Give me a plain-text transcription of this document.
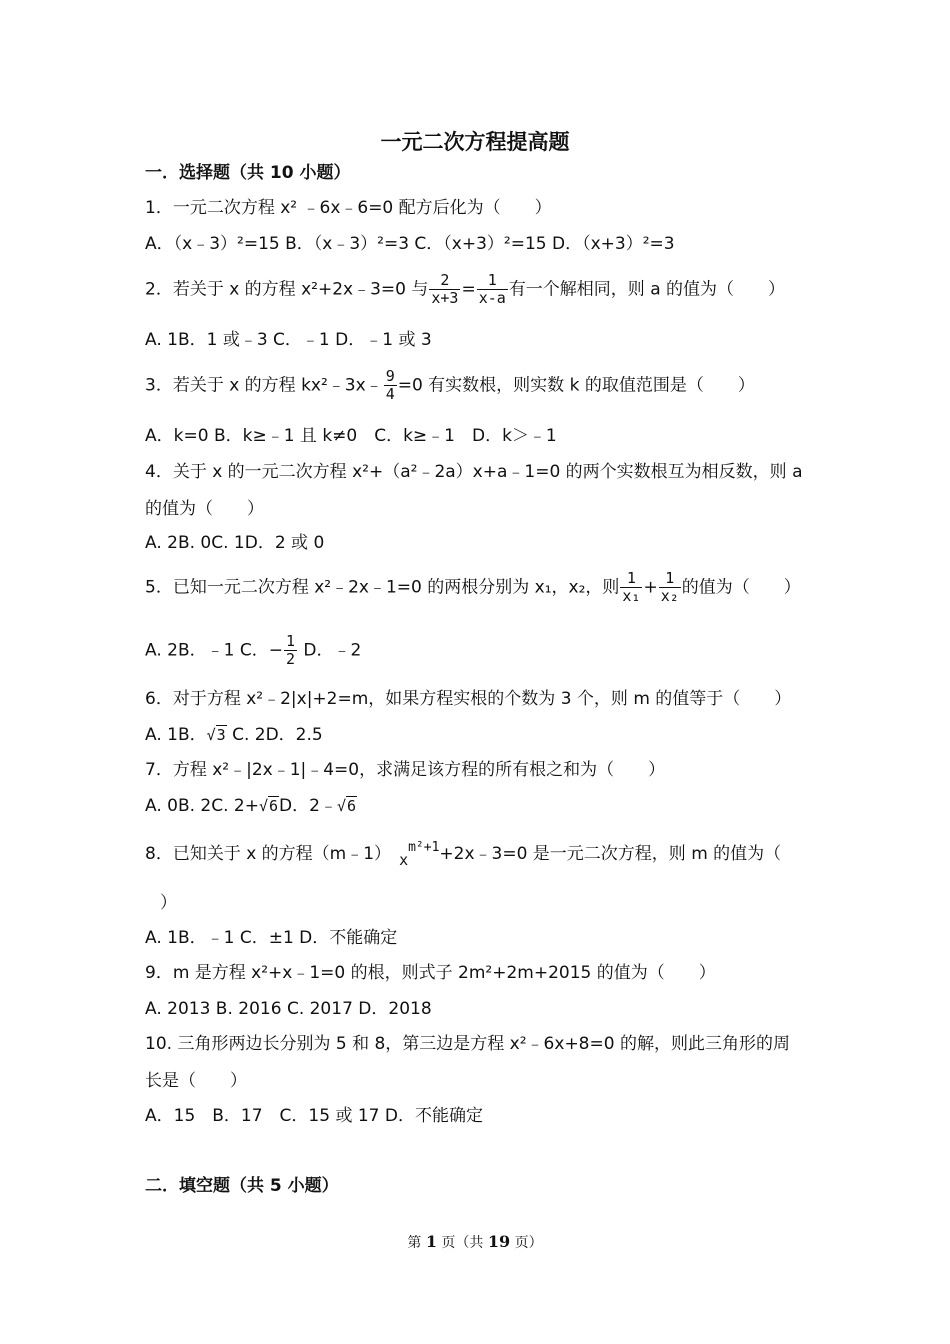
一元二次方程提高题
一．选择题（共 10 小题）
1．一元二次方程 x² ﹣6x﹣6=0 配方后化为（　　）
A．（x﹣3）²=15 B．（x﹣3）²=3 C．（x+3）²=15 D．（x+3）²=3
2．若关于 x 的方程 x²+2x﹣3=0 与 $\frac{2}{x+3} = \frac{1}{x-a}$ 有一个解相同，则 a 的值为（　　）
A. 1B．1 或﹣3 C．﹣1 D．﹣1 或 3
3．若关于 x 的方程 kx²﹣3x﹣ $\frac{9}{4} =0$ 有实数根，则实数 k 的取值范围是（　　）
A．k=0 B．k≥﹣1 且 k≠0　C．k≥﹣1　D．k＞﹣1
4．关于 x 的一元二次方程 x²+（a²﹣2a）x+a﹣1=0 的两个实数根互为相反数，则 a
的值为（　　）
A. 2B. 0C. 1D．2 或 0
5．已知一元二次方程 x²﹣2x﹣1=0 的两根分别为 x₁，x₂，则 $\frac{1}{\text{x₁}} + \frac{1}{\text{x₂}}$ 的值为（　　）
A. 2B．﹣1 C．− $\frac{1}{2}$ D．﹣2
6．对于方程 x²﹣2|x|+2=m，如果方程实根的个数为 3 个，则 m 的值等于（　　）
A. 1B．√3 C. 2D．2.5
7．方程 x²﹣|2x﹣1|﹣4=0，求满足该方程的所有根之和为（　　）
A. 0B. 2C. 2+√6D．2﹣√6
8．已知关于 x 的方程（m﹣1） xm²+1+2x﹣3=0 是一元二次方程，则 m 的值为（
）
A. 1B．﹣1 C．±1 D．不能确定
9．m 是方程 x²+x﹣1=0 的根，则式子 2m²+2m+2015 的值为（　　）
A. 2013 B. 2016 C. 2017 D．2018
10. 三角形两边长分别为 5 和 8，第三边是方程 x²﹣6x+8=0 的解，则此三角形的周
长是（　　）
A．15　B．17　C．15 或 17 D．不能确定
二．填空题（共 5 小题）
第 1 页（共 19 页）
